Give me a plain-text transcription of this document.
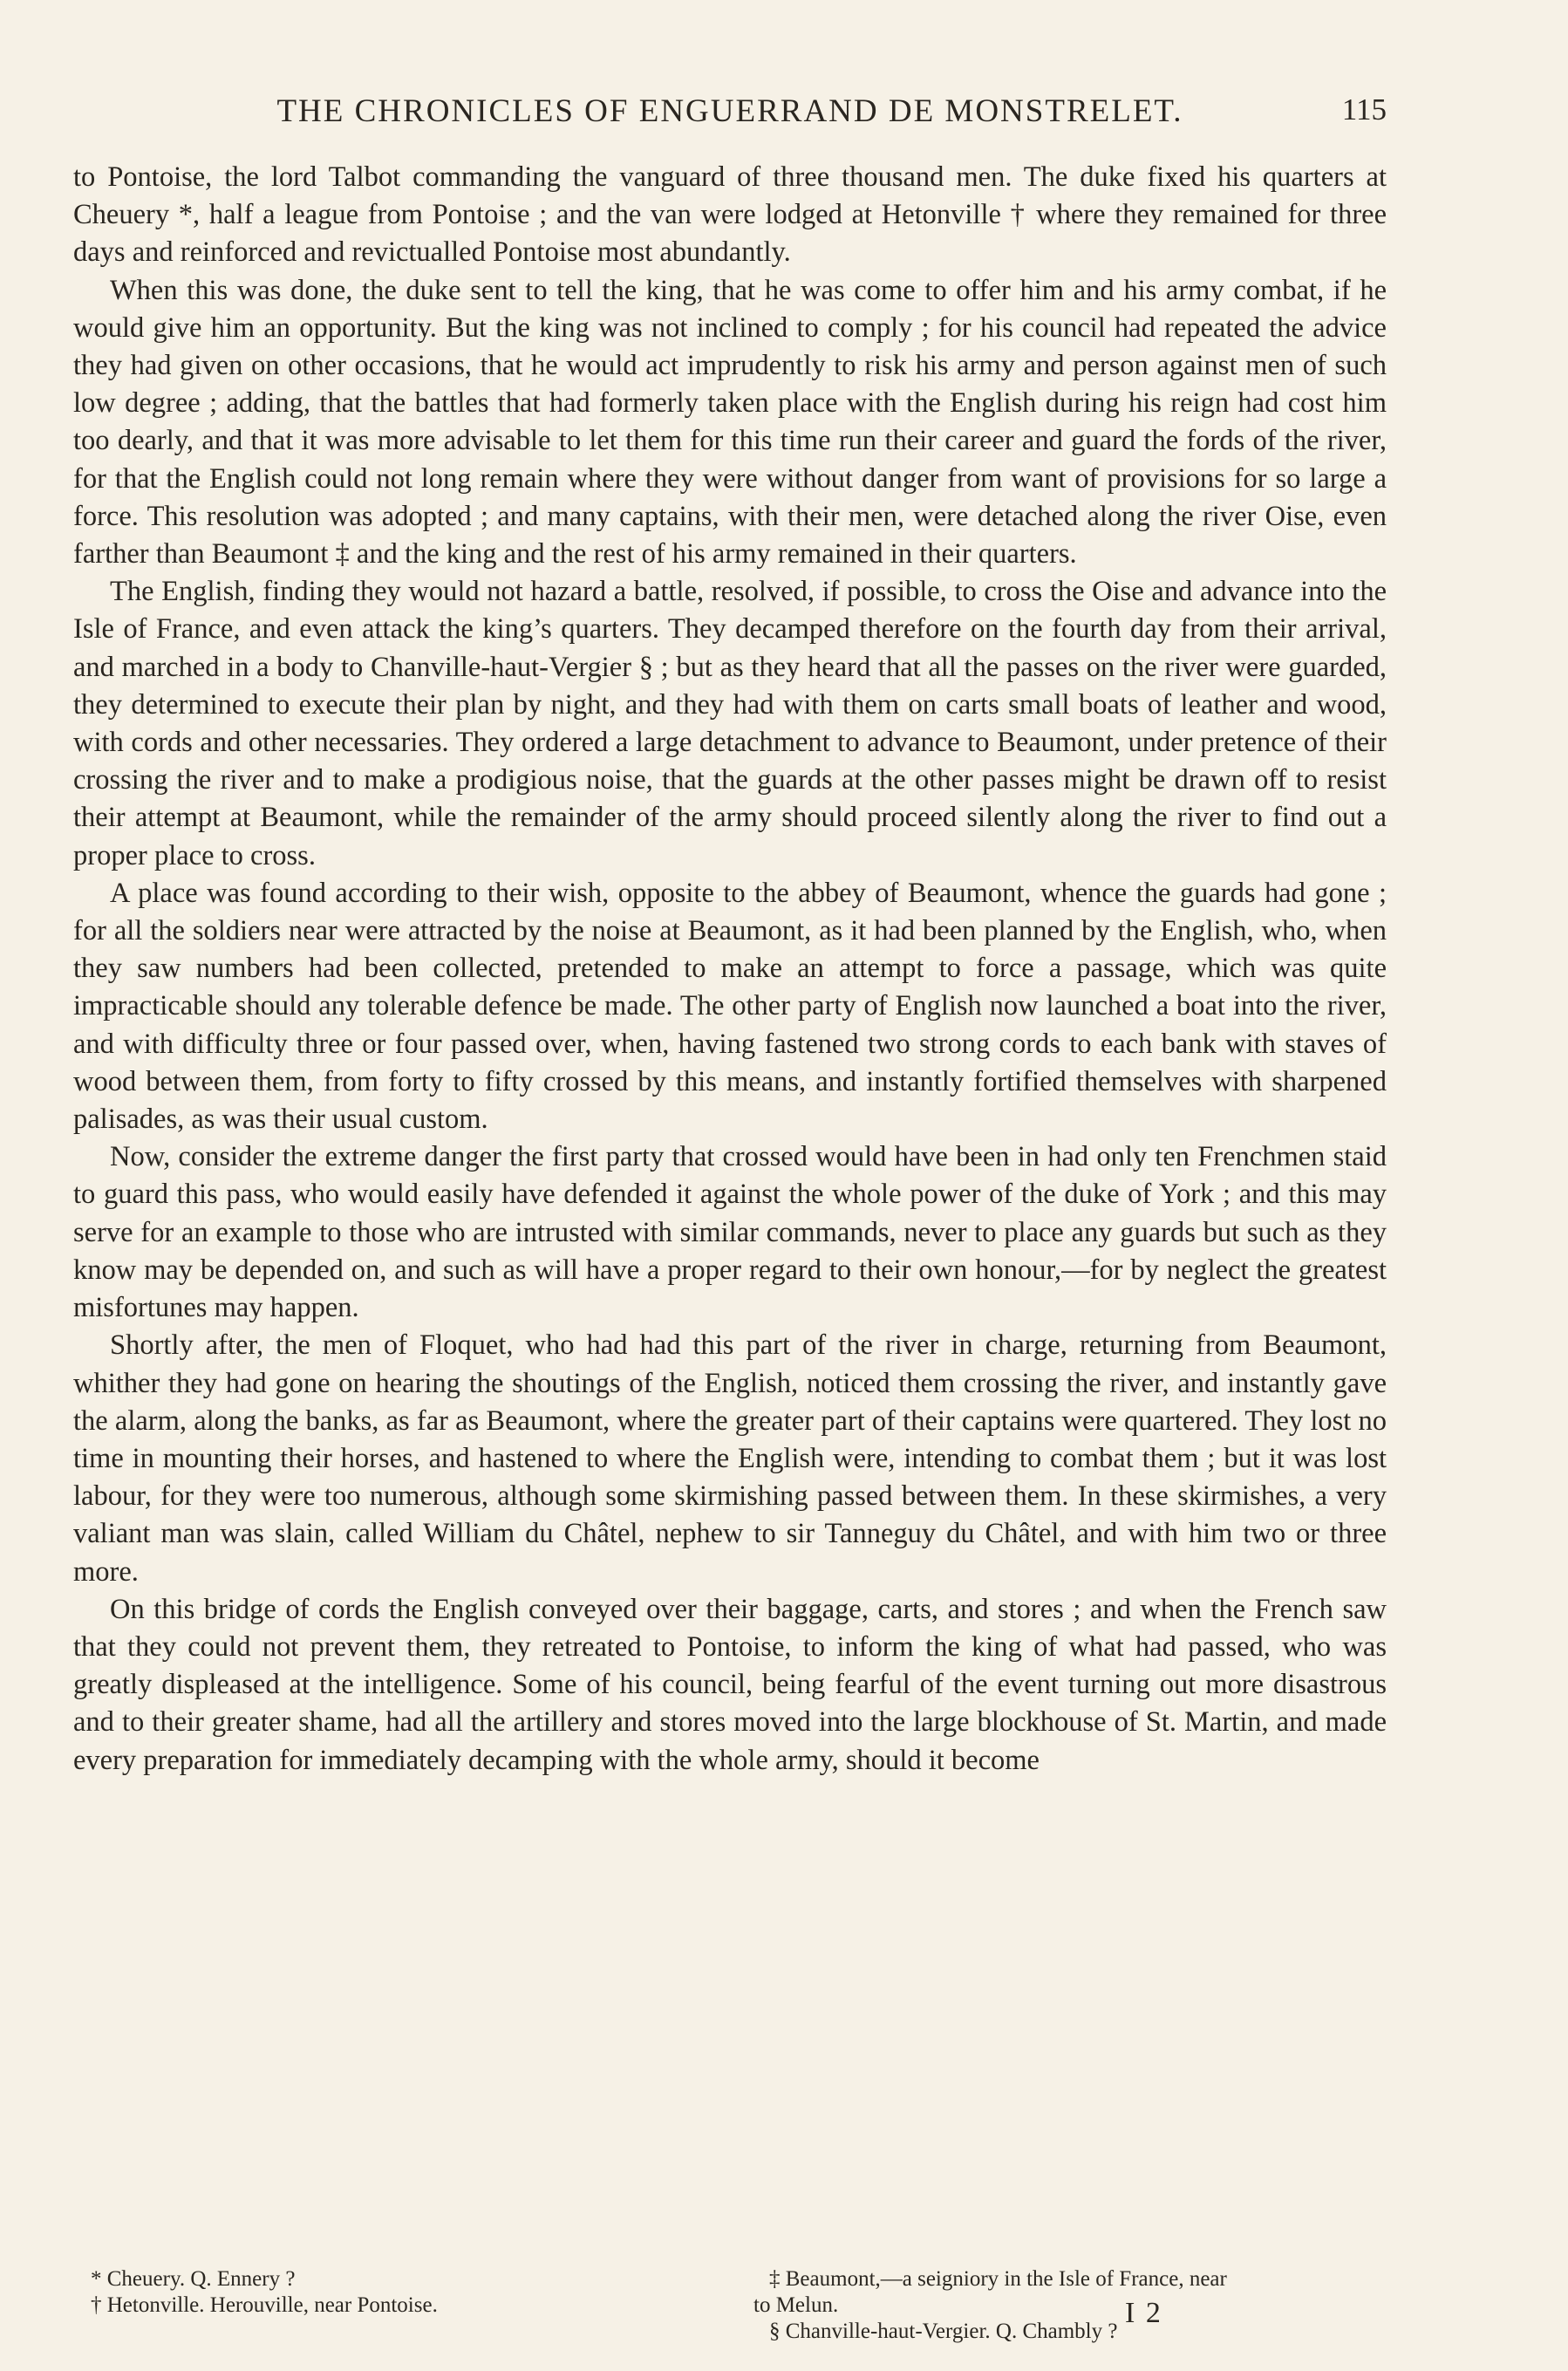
THE CHRONICLES OF ENGUERRAND DE MONSTRELET.	115

to Pontoise, the lord Talbot commanding the vanguard of three thousand men. The duke fixed his quarters at Cheuery *, half a league from Pontoise ; and the van were lodged at Hetonville † where they remained for three days and reinforced and revictualled Pontoise most abundantly.

When this was done, the duke sent to tell the king, that he was come to offer him and his army combat, if he would give him an opportunity. But the king was not inclined to comply ; for his council had repeated the advice they had given on other occasions, that he would act imprudently to risk his army and person against men of such low degree ; adding, that the battles that had formerly taken place with the English during his reign had cost him too dearly, and that it was more advisable to let them for this time run their career and guard the fords of the river, for that the English could not long remain where they were without danger from want of provisions for so large a force. This resolution was adopted ; and many captains, with their men, were detached along the river Oise, even farther than Beaumont ‡ and the king and the rest of his army remained in their quarters.

The English, finding they would not hazard a battle, resolved, if possible, to cross the Oise and advance into the Isle of France, and even attack the king’s quarters. They decamped therefore on the fourth day from their arrival, and marched in a body to Chanville-haut-Vergier § ; but as they heard that all the passes on the river were guarded, they determined to execute their plan by night, and they had with them on carts small boats of leather and wood, with cords and other necessaries. They ordered a large detachment to advance to Beaumont, under pretence of their crossing the river and to make a prodigious noise, that the guards at the other passes might be drawn off to resist their attempt at Beaumont, while the remainder of the army should proceed silently along the river to find out a proper place to cross.

A place was found according to their wish, opposite to the abbey of Beaumont, whence the guards had gone ; for all the soldiers near were attracted by the noise at Beaumont, as it had been planned by the English, who, when they saw numbers had been collected, pretended to make an attempt to force a passage, which was quite impracticable should any tolerable defence be made. The other party of English now launched a boat into the river, and with difficulty three or four passed over, when, having fastened two strong cords to each bank with staves of wood between them, from forty to fifty crossed by this means, and instantly fortified themselves with sharpened palisades, as was their usual custom.

Now, consider the extreme danger the first party that crossed would have been in had only ten Frenchmen staid to guard this pass, who would easily have defended it against the whole power of the duke of York ; and this may serve for an example to those who are intrusted with similar commands, never to place any guards but such as they know may be depended on, and such as will have a proper regard to their own honour,—for by neglect the greatest misfortunes may happen.

Shortly after, the men of Floquet, who had had this part of the river in charge, returning from Beaumont, whither they had gone on hearing the shoutings of the English, noticed them crossing the river, and instantly gave the alarm, along the banks, as far as Beaumont, where the greater part of their captains were quartered. They lost no time in mounting their horses, and hastened to where the English were, intending to combat them ; but it was lost labour, for they were too numerous, although some skirmishing passed between them. In these skirmishes, a very valiant man was slain, called William du Châtel, nephew to sir Tanneguy du Châtel, and with him two or three more.

On this bridge of cords the English conveyed over their baggage, carts, and stores ; and when the French saw that they could not prevent them, they retreated to Pontoise, to inform the king of what had passed, who was greatly displeased at the intelligence. Some of his council, being fearful of the event turning out more disastrous and to their greater shame, had all the artillery and stores moved into the large blockhouse of St. Martin, and made every preparation for immediately decamping with the whole army, should it become

* Cheuery. Q. Ennery ?
† Hetonville. Herouville, near Pontoise.
‡ Beaumont,—a seigniory in the Isle of France, near
to Melun.
§ Chanville-haut-Vergier. Q. Chambly ?
I 2
